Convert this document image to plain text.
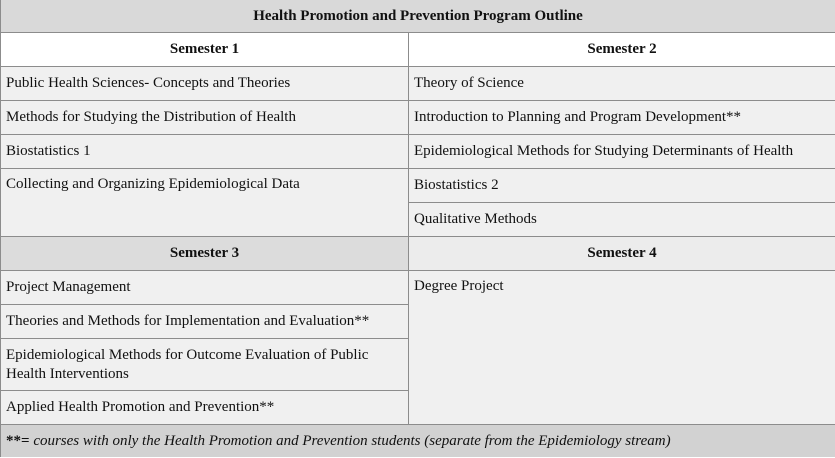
Health Promotion and Prevention Program Outline	
Semester 1	Semester 2
Public Health Sciences- Concepts and Theories	Theory of Science
Methods for Studying the Distribution of Health	Introduction to Planning and Program Development**
Biostatistics 1	Epidemiological Methods for Studying Determinants of Health
Collecting and Organizing Epidemiological Data	Biostatistics 2
	Qualitative Methods
Semester 3	Semester 4
Project Management	Degree Project
Theories and Methods for Implementation and Evaluation**	
Epidemiological Methods for Outcome Evaluation of Public Health Interventions	
Applied Health Promotion and Prevention**	
**= courses with only the Health Promotion and Prevention students (separate from the Epidemiology stream)	
